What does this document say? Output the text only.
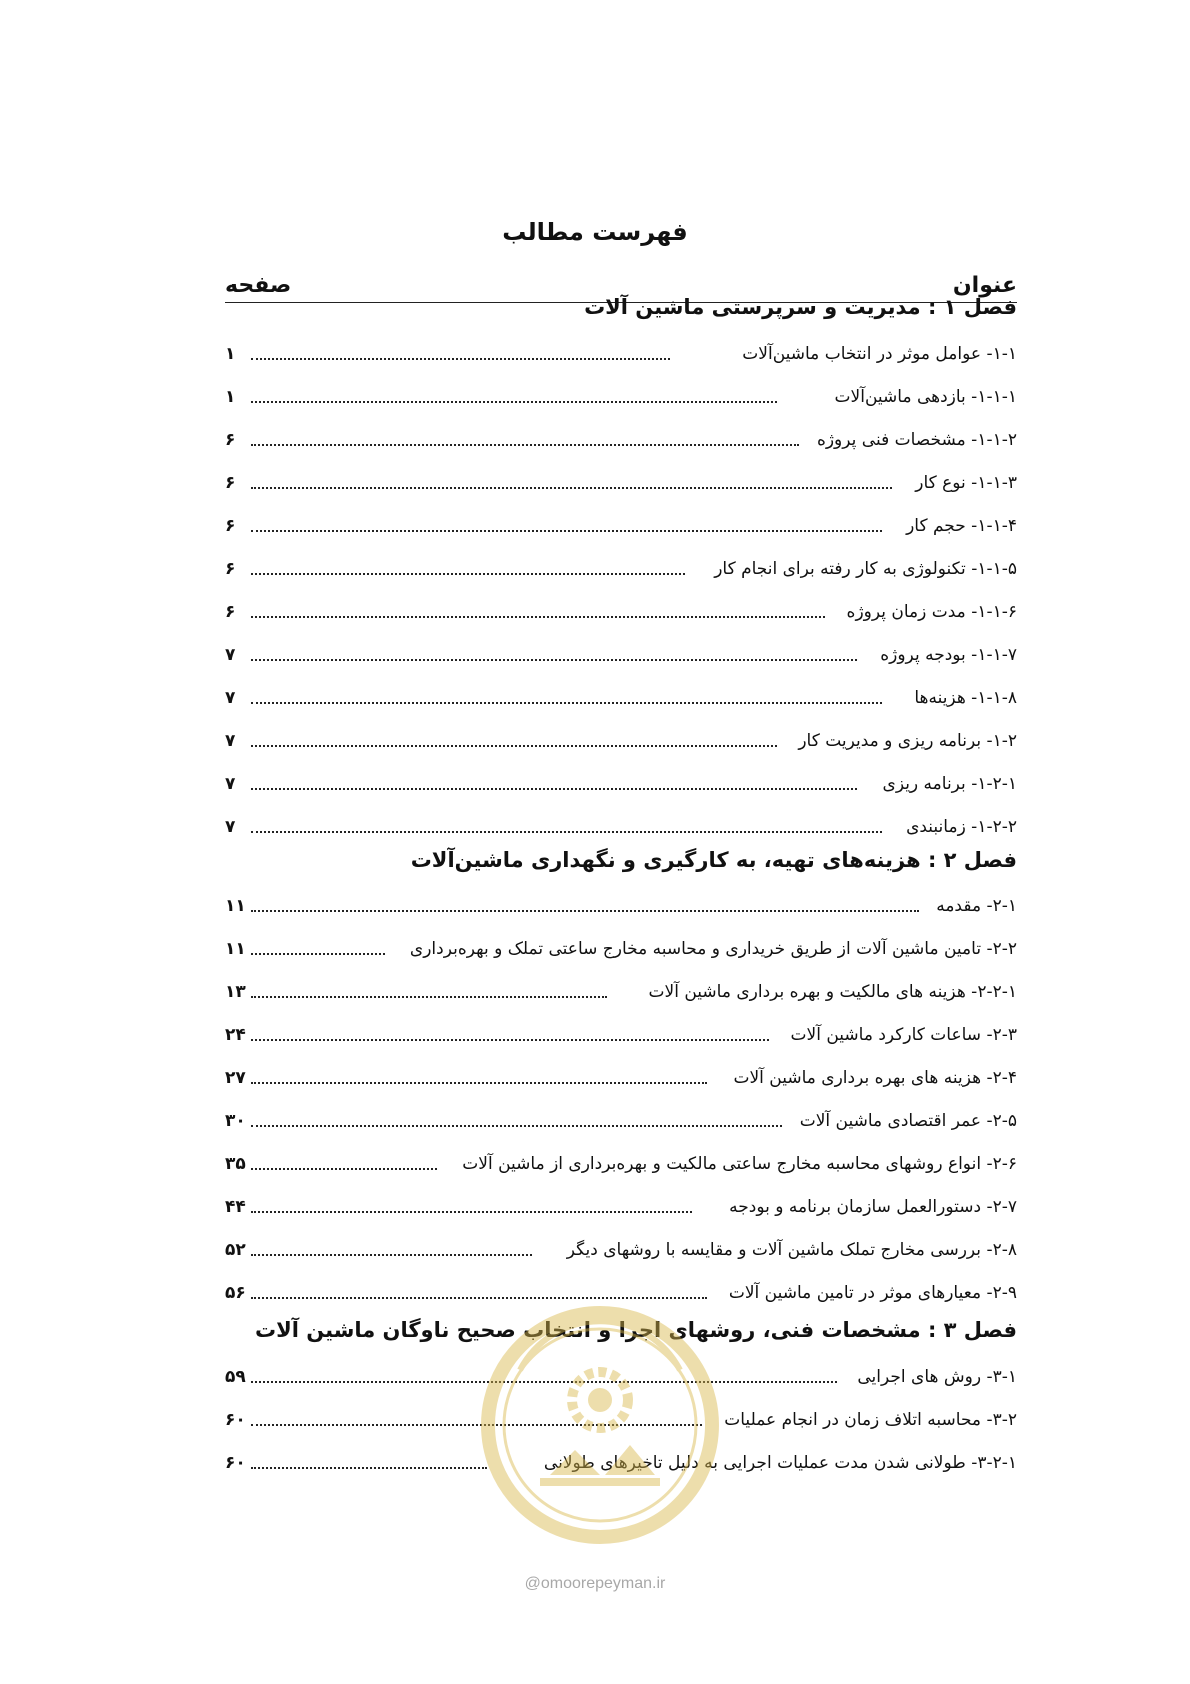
فهرست مطالب
عنوان
صفحه
فصل ۱ : مدیریت و سرپرستی ماشین آلات
۱-۱- عوامل موثر در انتخاب ماشین‌آلات
۱
۱-۱-۱- بازدهی ماشین‌آلات
۱
۱-۱-۲- مشخصات فنی پروژه
۶
۱-۱-۳- نوع کار
۶
۱-۱-۴- حجم کار
۶
۱-۱-۵- تکنولوژی به کار رفته برای انجام کار
۶
۱-۱-۶- مدت زمان پروژه
۶
۱-۱-۷- بودجه پروژه
۷
۱-۱-۸- هزینه‌ها
۷
۱-۲- برنامه ریزی و مدیریت کار
۷
۱-۲-۱- برنامه ریزی
۷
۱-۲-۲- زمانبندی
۷
فصل ۲ : هزینه‌های تهیه، به کارگیری و نگهداری ماشین‌آلات
۲-۱- مقدمه
۱۱
۲-۲- تامین ماشین آلات از طریق خریداری و محاسبه مخارج ساعتی تملک و بهره‌برداری
۱۱
۲-۲-۱- هزینه های مالکیت و بهره برداری ماشین آلات
۱۳
۲-۳- ساعات کارکرد ماشین آلات
۲۴
۲-۴- هزینه های بهره برداری ماشین آلات
۲۷
۲-۵- عمر اقتصادی ماشین آلات
۳۰
۲-۶- انواع روشهای محاسبه مخارج ساعتی مالکیت و بهره‌برداری از ماشین آلات
۳۵
۲-۷- دستورالعمل سازمان برنامه و بودجه
۴۴
۲-۸- بررسی مخارج تملک ماشین آلات و مقایسه با روشهای دیگر
۵۲
۲-۹- معیارهای موثر در تامین ماشین آلات
۵۶
فصل ۳ : مشخصات فنی، روشهای اجرا و انتخاب صحیح ناوگان ماشین آلات
۳-۱- روش های اجرایی
۵۹
۳-۲- محاسبه اتلاف زمان در انجام عملیات
۶۰
۳-۲-۱- طولانی شدن مدت عملیات اجرایی به دلیل تاخیرهای طولانی
۶۰
@omoorepeyman.ir
